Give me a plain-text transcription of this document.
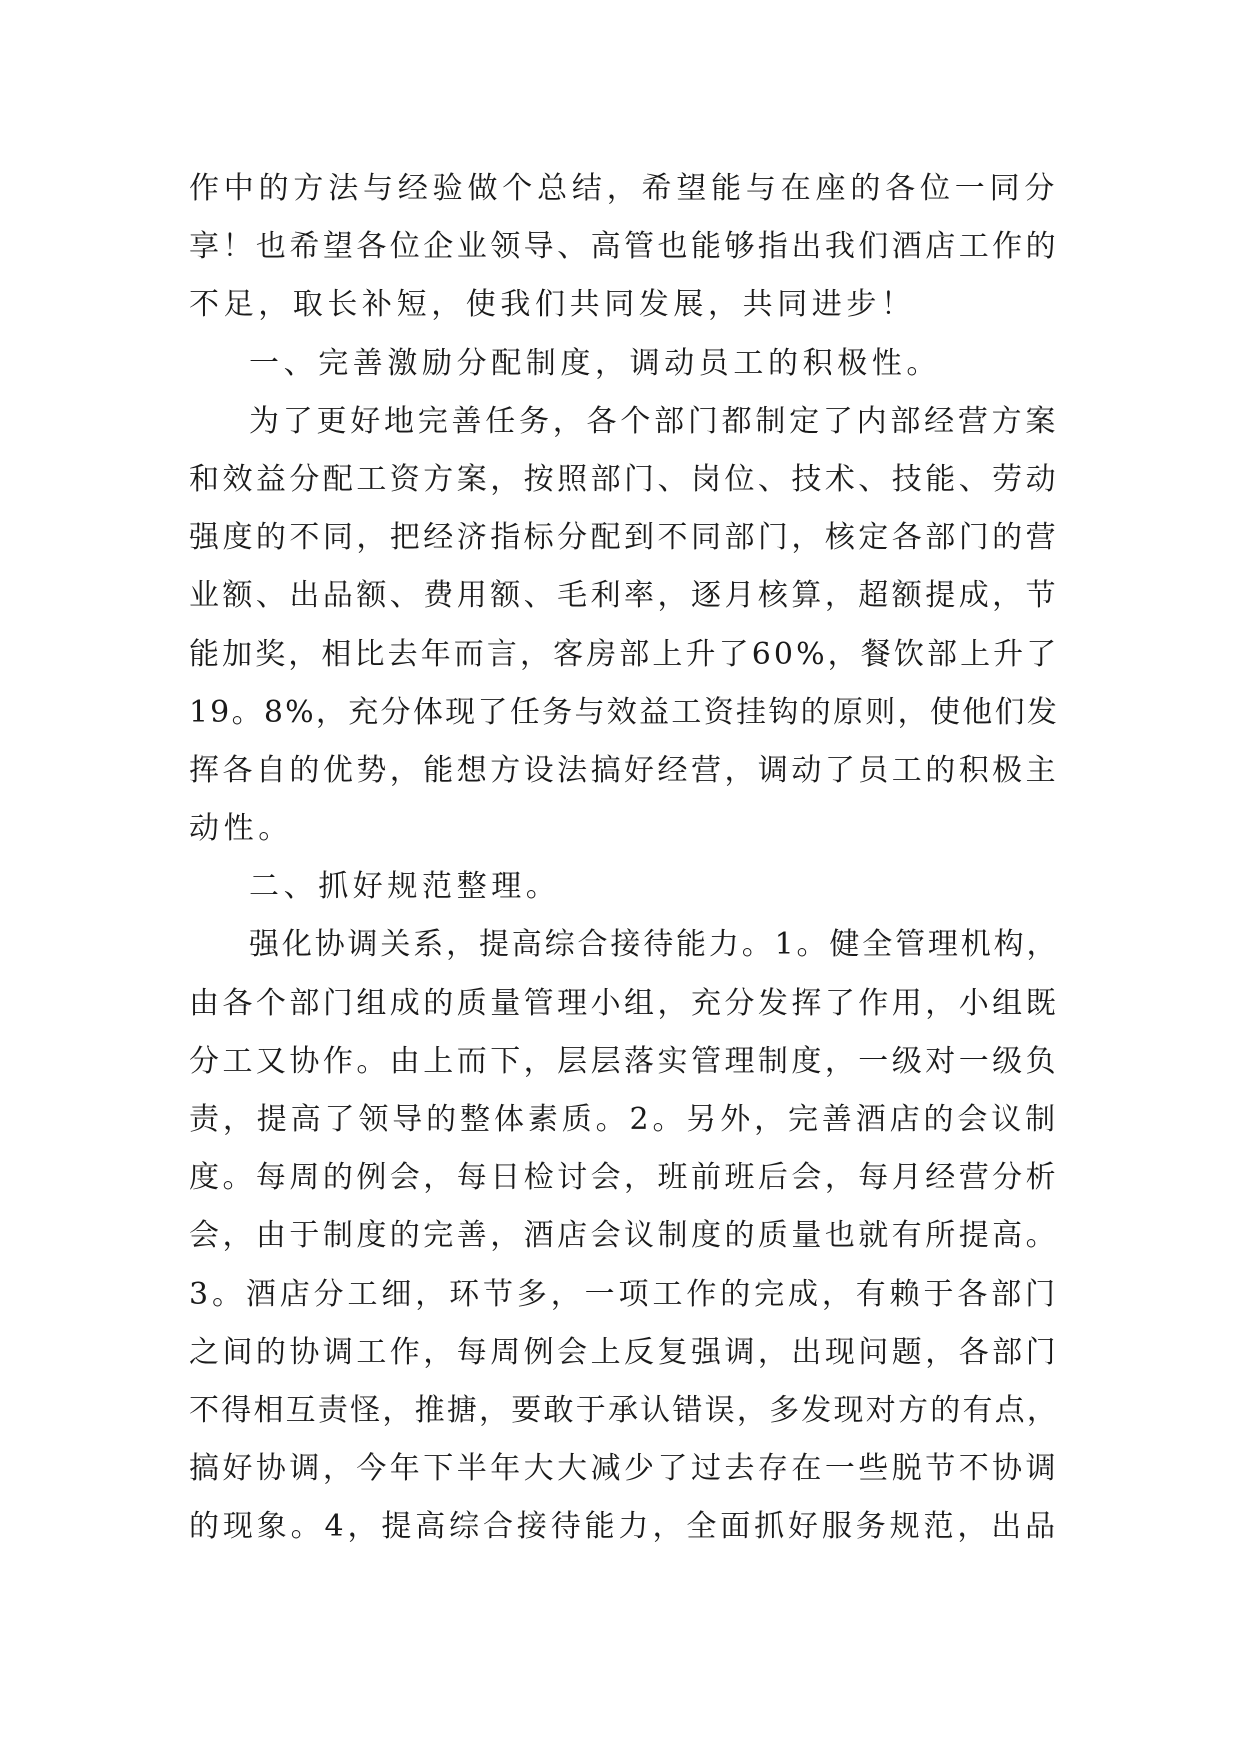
作中的方法与经验做个总结，希望能与在座的各位一同分
享！也希望各位企业领导、高管也能够指出我们酒店工作的
不足，取长补短，使我们共同发展，共同进步！
一、完善激励分配制度，调动员工的积极性。
为了更好地完善任务，各个部门都制定了内部经营方案
和效益分配工资方案，按照部门、岗位、技术、技能、劳动
强度的不同，把经济指标分配到不同部门，核定各部门的营
业额、出品额、费用额、毛利率，逐月核算，超额提成，节
能加奖，相比去年而言，客房部上升了60%，餐饮部上升了
19。8%，充分体现了任务与效益工资挂钩的原则，使他们发
挥各自的优势，能想方设法搞好经营，调动了员工的积极主
动性。
二、抓好规范整理。
强化协调关系，提高综合接待能力。1。健全管理机构，
由各个部门组成的质量管理小组，充分发挥了作用，小组既
分工又协作。由上而下，层层落实管理制度，一级对一级负
责，提高了领导的整体素质。2。另外，完善酒店的会议制
度。每周的例会，每日检讨会，班前班后会，每月经营分析
会，由于制度的完善，酒店会议制度的质量也就有所提高。
3。酒店分工细，环节多，一项工作的完成，有赖于各部门
之间的协调工作，每周例会上反复强调，出现问题，各部门
不得相互责怪，推搪，要敢于承认错误，多发现对方的有点，
搞好协调，今年下半年大大减少了过去存在一些脱节不协调
的现象。4，提高综合接待能力，全面抓好服务规范，出品
